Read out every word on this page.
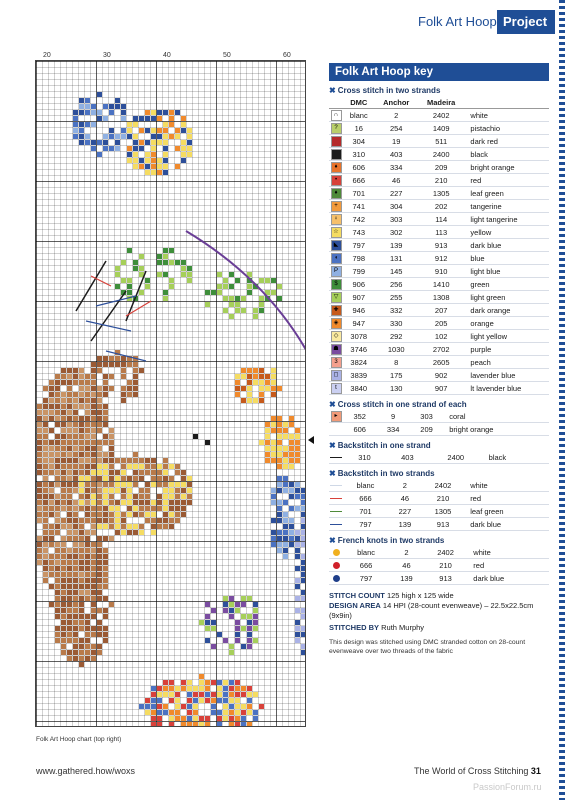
Folk Art Hoop Project
20	30	40	50	60
Folk Art Hoop key
✖ Cross stitch in two strands
	DMC	Anchor	Madeira	
∩	blanc	2	2402	white
?	16	254	1409	pistachio
	304	19	511	dark red
	310	403	2400	black
♦	606	334	209	bright orange
•	666	46	210	red
♦	701	227	1305	leaf green
+	741	304	202	tangerine
♀	742	303	114	light tangerine
☆	743	302	113	yellow
◣	797	139	913	dark blue
◖	798	131	912	blue
P	799	145	910	light blue
$	906	256	1410	green
▽	907	255	1308	light green
✚	946	332	207	dark orange
◈	947	330	205	orange
◇	3078	292	102	light yellow
☗	3746	1030	2702	purple
3	3824	8	2605	peach
◻	3839	175	902	lavender blue
t	3840	130	907	lt lavender blue
✖ Cross stitch in one strand of each
▸	352	9	303	coral
	606	334	209	bright orange
✖ Backstitch in one strand
	310	403	2400	black
✖ Backstitch in two strands
	blanc	2	2402	white
	666	46	210	red
	701	227	1305	leaf green
	797	139	913	dark blue
✖ French knots in two strands
	blanc	2	2402	white
	666	46	210	red
	797	139	913	dark blue
STITCH COUNT 125 high x 125 wide
DESIGN AREA 14 HPI (28-count evenweave) – 22.5x22.5cm (9x9in)
STITCHED BY Ruth Murphy
This design was stitched using DMC stranded cotton on 28-count evenweave over two threads of the fabric
Folk Art Hoop chart (top right)
www.gathered.how/woxs	The World of Cross Stitching 31
PassionForum.ru
